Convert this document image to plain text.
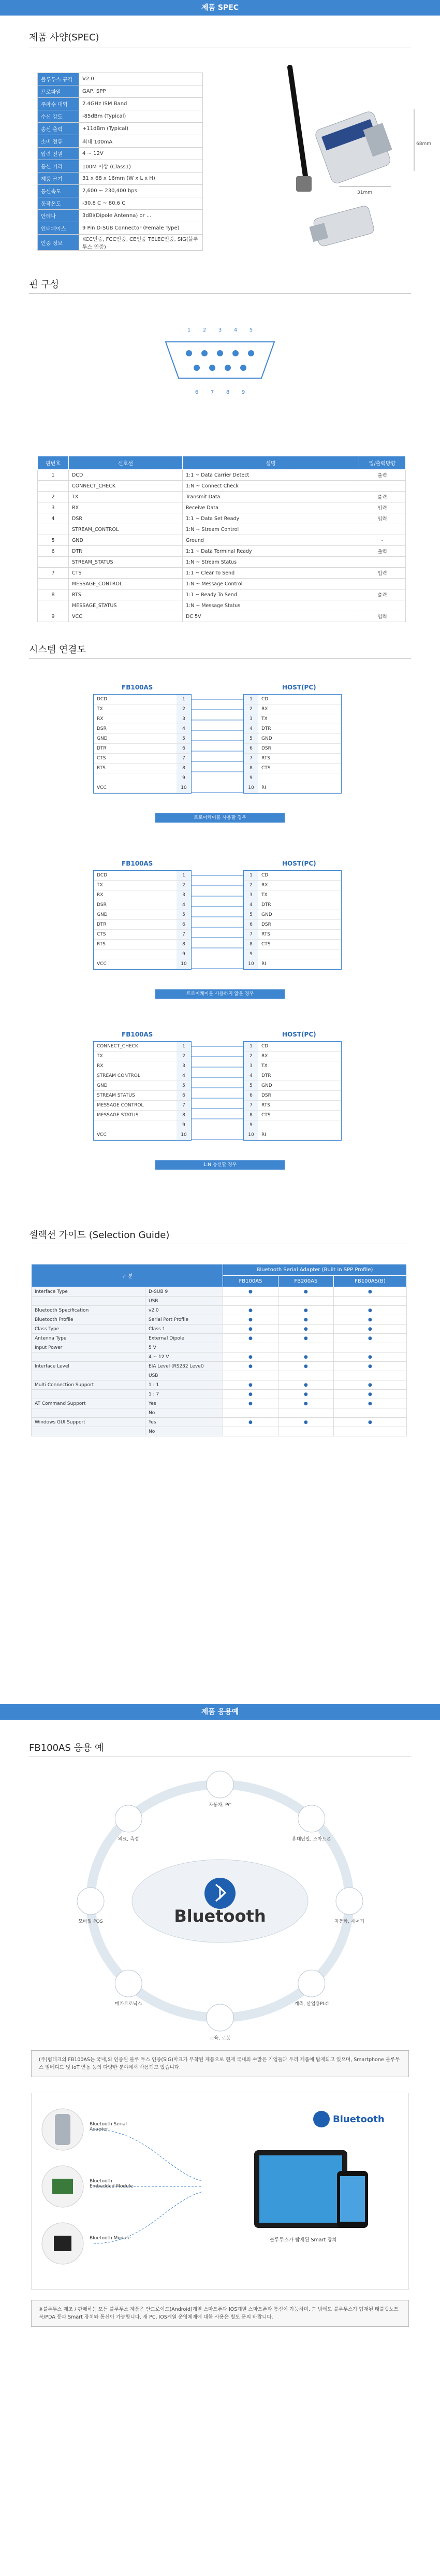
제품 SPEC
제품 사양(SPEC)
블루투스 규격	V2.0
프로파일	GAP, SPP
주파수 대역	2.4GHz ISM Band
수신 감도	-85dBm (Typical)
송신 출력	+11dBm (Typical)
소비 전류	최대 100mA
입력 전원	4 ~ 12V
통신 거리	100M 이상 (Class1)
제품 크기	31 x 68 x 16mm (W x L x H)
통신속도	2,600 ~ 230,400 bps
동작온도	-30.8 C ~ 80.6 C
안테나	3dBi(Dipole Antenna) or ...
인터페이스	9 Pin D-SUB Connector (Female Type)
인증 정보	KCC인증, FCC인증, CE인증 TELEC인증, SIG(블루투스 인증)
68mm
31mm
핀 구성
1 2 3 4 5
6 7 8 9
핀번호	신호선	설명	입/출력방향
1	DCD	1:1 ~ Data Carrier Detect	출력
	CONNECT_CHECK	1:N ~ Connect Check	
2	TX	Transmit Data	출력
3	RX	Receive Data	입력
4	DSR	1:1 ~ Data Set Ready	입력
	STREAM_CONTROL	1:N ~ Stream Control	
5	GND	Ground	-
6	DTR	1:1 ~ Data Terminal Ready	출력
	STREAM_STATUS	1:N ~ Stream Status	
7	CTS	1:1 ~ Clear To Send	입력
	MESSAGE_CONTROL	1:N ~ Message Control	
8	RTS	1:1 ~ Ready To Send	출력
	MESSAGE_STATUS	1:N ~ Message Status	
9	VCC	DC 5V	입력
시스템 연결도
FB100AS	HOST(PC)
DCD	1
TX	2
RX	3
DSR	4
GND	5
DTR	6
CTS	7
RTS	8
9
VCC	10
1	CD
2	RX
3	TX
4	DTR
5	GND
6	DSR
7	RTS
8	CTS
9
10	RI
트로이케이블 사용할 경우
FB100AS	HOST(PC)
DCD	1
TX	2
RX	3
DSR	4
GND	5
DTR	6
CTS	7
RTS	8
9
VCC	10
1	CD
2	RX
3	TX
4	DTR
5	GND
6	DSR
7	RTS
8	CTS
9
10	RI
트로이케이블 사용하지 않을 경우
FB100AS	HOST(PC)
CONNECT_CHECK	1
TX	2
RX	3
STREAM CONTROL	4
GND	5
STREAM STATUS	6
MESSAGE CONTROL	7
MESSAGE STATUS	8
9
VCC	10
1	CD
2	RX
3	TX
4	DTR
5	GND
6	DSR
7	RTS
8	CTS
9
10	RI
1:N 통신할 경우
셀렉션 가이드 (Selection Guide)
구 분		Bluetooth Serial Adapter (Built in SPP Profile)		
		FB100AS	FB200AS	FB100AS(B)
Interface Type	D-SUB 9	●	●	●
	USB			
Bluetooth Specification	v2.0	●	●	●
Bluetooth Profile	Serial Port Profile	●	●	●
Class Type	Class 1	●	●	●
Antenna Type	External Dipole	●	●	●
Input Power	5 V			
	4 ~ 12 V	●	●	●
Interface Level	EIA Level (RS232 Level)	●	●	●
	USB			
Multi Connection Support	1 : 1	●	●	●
	1 : 7	●	●	●
AT Command Support	Yes	●	●	●
	No			
Windows GUI Support	Yes	●	●	●
	No			
제품 응용예
FB100AS 응용 예
Bluetooth
자동차, PC
휴대단말, 스마트폰
자동화, 제어기
계측, 산업용PLC
교육, 로봇
메카트로닉스
모바일 POS
의료, 측정
(주)펌테크의 FB100AS는 국내,외 인증된 블루 투스 인증(SIG)마크가 부착된 제품으로 현재 국내외 수많은 기업들과 우리 제품에 탑재되고 있으며, Smartphone 블루투스 임베디드 및 IoT 연동 등의 다양한 분야에서 사용되고 있습니다.
Bluetooth Serial Adapter
Bluetooth Embedded Module
Bluetooth Module
Bluetooth
블루투스가 탑재된 Smart 장치
※블루투스 제조 / 판매하는 모든 블루투스 제품은 안드로이드(Android)계열 스마트폰과 IOS계열 스마트폰과 통신이 가능하며, 그 밖에도 블루투스가 탑재된 태블릿노트북/PDA 등과 Smart 장치와 통신이 가능합니다. 새 PC, IOS계열 운영체제에 대한 사용은 별도 문의 바랍니다.
